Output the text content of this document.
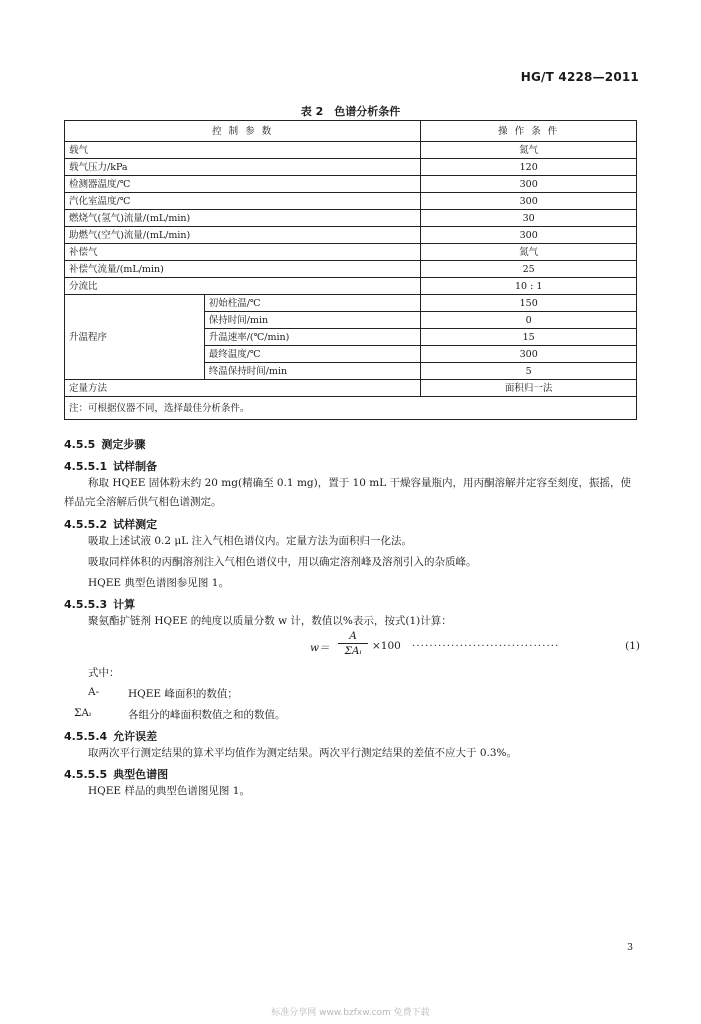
HG/T 4228—2011
表 2　色谱分析条件
控 制 参 数		操 作 条 件
载气		氮气
载气压力/kPa		120
检测器温度/℃		300
汽化室温度/℃		300
燃烧气(氢气)流量/(mL/min)		30
助燃气(空气)流量/(mL/min)		300
补偿气		氮气
补偿气流量/(mL/min)		25
分流比		10 : 1
升温程序	初始柱温/℃	150
	保持时间/min	0
	升温速率/(℃/min)	15
	最终温度/℃	300
	终温保持时间/min	5
定量方法		面积归一法
注：可根据仪器不同，选择最佳分析条件。		
4.5.5 测定步骤
4.5.5.1 试样制备
称取 HQEE 固体粉末约 20 mg(精确至 0.1 mg)，置于 10 mL 干燥容量瓶内，用丙酮溶解并定容至刻度，振摇，使样品完全溶解后供气相色谱测定。
4.5.5.2 试样测定
吸取上述试液 0.2 μL 注入气相色谱仪内。定量方法为面积归一化法。
吸取同样体积的丙酮溶剂注入气相色谱仪中，用以确定溶剂峰及溶剂引入的杂质峰。
HQEE 典型色谱图参见图 1。
4.5.5.3 计算
聚氨酯扩链剂 HQEE 的纯度以质量分数 w 计，数值以%表示，按式(1)计算：
w＝
A
ΣAᵢ ×100 ··································	(1)
式中：
A-	HQEE 峰面积的数值；
ΣAᵢ	各组分的峰面积数值之和的数值。
4.5.5.4 允许误差
取两次平行测定结果的算术平均值作为测定结果。两次平行测定结果的差值不应大于 0.3%。
4.5.5.5 典型色谱图
HQEE 样品的典型色谱图见图 1。
3
标准分享网 www.bzfxw.com 免费下载
